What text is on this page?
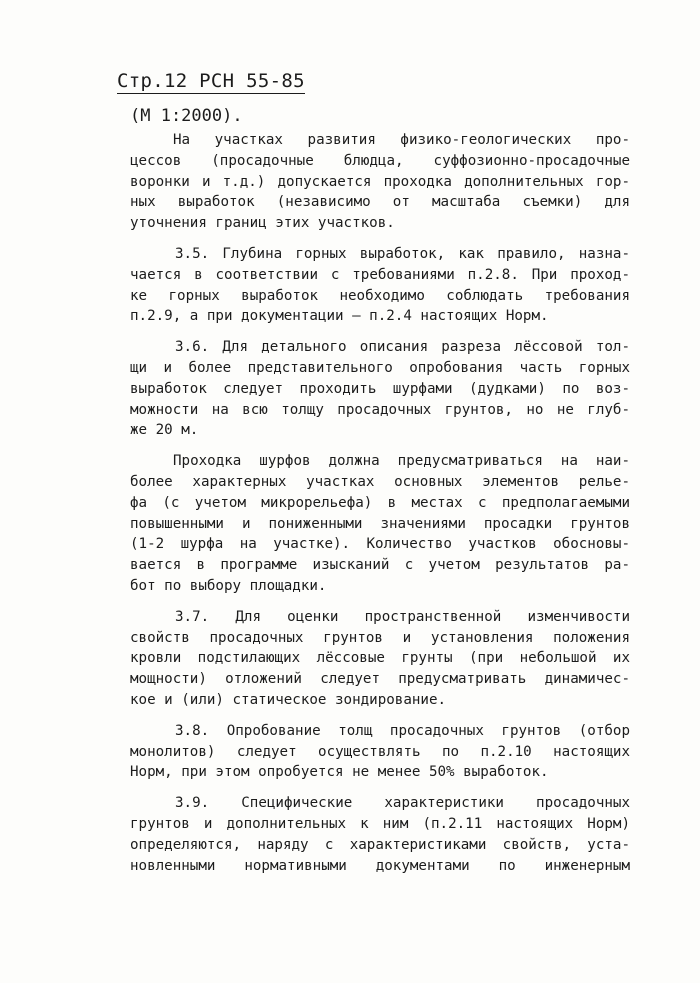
Стр.12 РСН 55-85
(М 1:2000).
На участках развития физико-геологических про-
цессов (просадочные блюдца, суффозионно-просадочные
воронки и т.д.) допускается проходка дополнительных гор-
ных выработок (независимо от масштаба съемки) для
уточнения границ этих участков.
3.5. Глубина горных выработок, как правило, назна-
чается в соответствии с требованиями п.2.8. При проход-
ке горных выработок необходимо соблюдать требования
п.2.9, а при документации – п.2.4 настоящих Норм.
3.6. Для детального описания разреза лёссовой тол-
щи и более представительного опробования часть горных
выработок следует проходить шурфами (дудками) по воз-
можности на всю толщу просадочных грунтов, но не глуб-
же 20 м.
Проходка шурфов должна предусматриваться на наи-
более характерных участках основных элементов релье-
фа (с учетом микрорельефа) в местах с предполагаемыми
повышенными и пониженными значениями просадки грунтов
(1-2 шурфа на участке). Количество участков обосновы-
вается в программе изысканий с учетом результатов ра-
бот по выбору площадки.
3.7. Для оценки пространственной изменчивости
свойств просадочных грунтов и установления положения
кровли подстилающих лёссовые грунты (при небольшой их
мощности) отложений следует предусматривать динамичес-
кое и (или) статическое зондирование.
3.8. Опробование толщ просадочных грунтов (отбор
монолитов) следует осуществлять по п.2.10 настоящих
Норм, при этом опробуется не менее 50% выработок.
3.9. Специфические характеристики просадочных
грунтов и дополнительных к ним (п.2.11 настоящих Норм)
определяются, наряду с характеристиками свойств, уста-
новленными нормативными документами по инженерным
